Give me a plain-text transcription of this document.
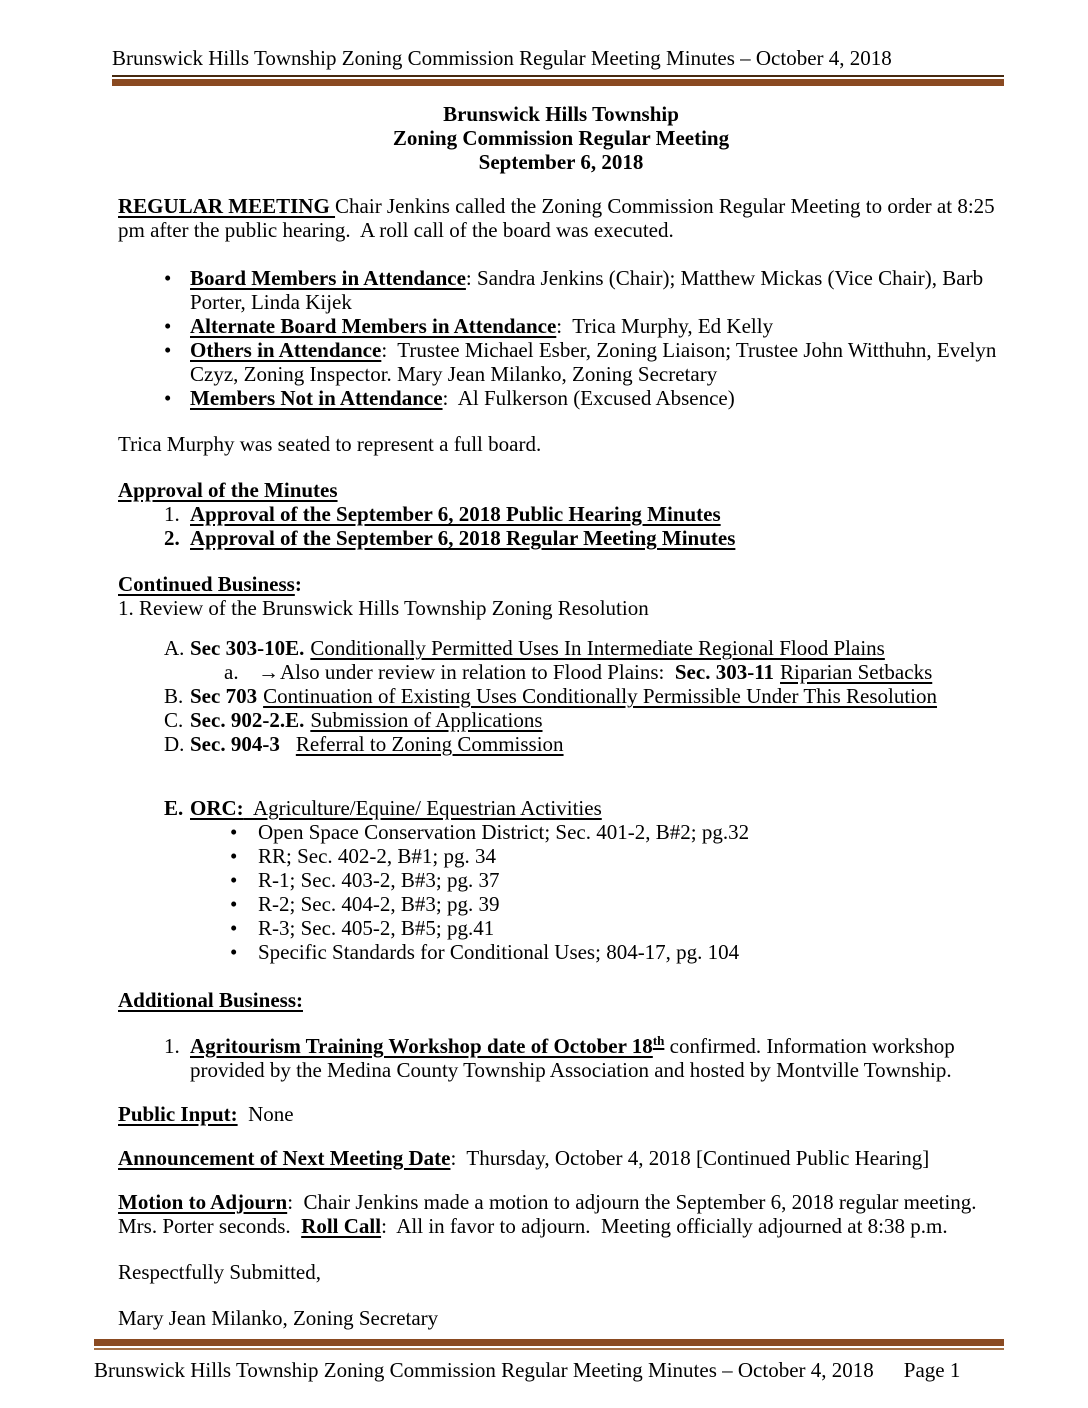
Brunswick Hills Township Zoning Commission Regular Meeting Minutes – October 4, 2018
Brunswick Hills Township
Zoning Commission Regular Meeting
September 6, 2018

REGULAR MEETING Chair Jenkins called the Zoning Commission Regular Meeting to order at 8:25 pm after the public hearing.  A roll call of the board was executed.

• Board Members in Attendance: Sandra Jenkins (Chair); Matthew Mickas (Vice Chair), Barb Porter, Linda Kijek
• Alternate Board Members in Attendance:  Trica Murphy, Ed Kelly
• Others in Attendance:  Trustee Michael Esber, Zoning Liaison; Trustee John Witthuhn, Evelyn Czyz, Zoning Inspector. Mary Jean Milanko, Zoning Secretary
• Members Not in Attendance:  Al Fulkerson (Excused Absence)

Trica Murphy was seated to represent a full board.

Approval of the Minutes

1. Approval of the September 6, 2018 Public Hearing Minutes
2. Approval of the September 6, 2018 Regular Meeting Minutes

Continued Business:

1. Review of the Brunswick Hills Township Zoning Resolution

A. Sec 303-10E. Conditionally Permitted Uses In Intermediate Regional Flood Plains
a. →Also under review in relation to Flood Plains:  Sec. 303-11 Riparian Setbacks
B. Sec 703 Continuation of Existing Uses Conditionally Permissible Under This Resolution
C. Sec. 902-2.E. Submission of Applications
D. Sec. 904-3 Referral to Zoning Commission
E. ORC:  Agriculture/Equine/ Equestrian Activities
• Open Space Conservation District; Sec. 401-2, B#2; pg.32
• RR; Sec. 402-2, B#1; pg. 34
• R-1; Sec. 403-2, B#3; pg. 37
• R-2; Sec. 404-2, B#3; pg. 39
• R-3; Sec. 405-2, B#5; pg.41
• Specific Standards for Conditional Uses; 804-17, pg. 104

Additional Business:

1. Agritourism Training Workshop date of October 18th confirmed. Information workshop provided by the Medina County Township Association and hosted by Montville Township.

Public Input:  None

Announcement of Next Meeting Date:  Thursday, October 4, 2018 [Continued Public Hearing]

Motion to Adjourn:  Chair Jenkins made a motion to adjourn the September 6, 2018 regular meeting.  Mrs. Porter seconds.  Roll Call:  All in favor to adjourn.  Meeting officially adjourned at 8:38 p.m.

Respectfully Submitted,

Mary Jean Milanko, Zoning Secretary

Brunswick Hills Township Zoning Commission Regular Meeting Minutes – October 4, 2018 Page 1
